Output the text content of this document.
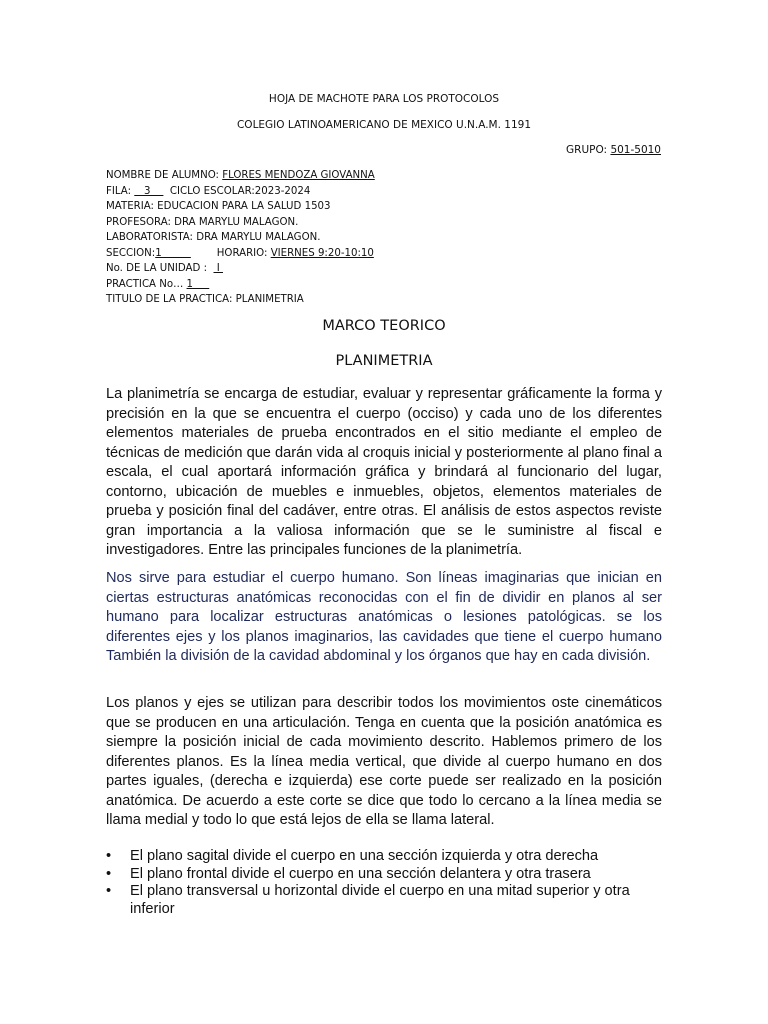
HOJA DE MACHOTE PARA LOS PROTOCOLOS
COLEGIO LATINOAMERICANO DE MEXICO U.N.A.M. 1191
GRUPO: 501-5010
NOMBRE DE ALUMNO: FLORES MENDOZA GIOVANNA
FILA:    3      CICLO ESCOLAR:2023-2024
MATERIA: EDUCACION PARA LA SALUD 1503
PROFESORA: DRA MARYLU MALAGON.
LABORATORISTA: DRA MARYLU MALAGON.
SECCION:1                 HORARIO: VIERNES 9:20-10:10
No. DE LA UNIDAD :   I
PRACTICA No… 1
TITULO DE LA PRACTICA: PLANIMETRIA
MARCO TEORICO
PLANIMETRIA
La planimetría se encarga de estudiar, evaluar y representar gráficamente la forma y precisión en la que se encuentra el cuerpo (occiso) y cada uno de los diferentes elementos materiales de prueba encontrados en el sitio mediante el empleo de técnicas de medición que darán vida al croquis inicial y posteriormente al plano final a escala, el cual aportará información gráfica y brindará al funcionario del lugar, contorno, ubicación de muebles e inmuebles, objetos, elementos materiales de prueba y posición final del cadáver, entre otras. El análisis de estos aspectos reviste gran importancia a la valiosa información que se le suministre al fiscal e investigadores. Entre las principales funciones de la planimetría.
Nos sirve para estudiar el cuerpo humano. Son líneas imaginarias que inician en ciertas estructuras anatómicas reconocidas con el fin de dividir en planos al ser humano para localizar estructuras anatómicas o lesiones patológicas. se los diferentes ejes y los planos imaginarios, las cavidades que tiene el cuerpo humano También la división de la cavidad abdominal y los órganos que hay en cada división.
Los planos y ejes se utilizan para describir todos los movimientos oste cinemáticos que se producen en una articulación. Tenga en cuenta que la posición anatómica es siempre la posición inicial de cada movimiento descrito. Hablemos primero de los diferentes planos. Es la línea media vertical, que divide al cuerpo humano en dos partes iguales, (derecha e izquierda) ese corte puede ser realizado en la posición anatómica. De acuerdo a este corte se dice que todo lo cercano a la línea media se llama medial y todo lo que está lejos de ella se llama lateral.
• El plano sagital divide el cuerpo en una sección izquierda y otra derecha
• El plano frontal divide el cuerpo en una sección delantera y otra trasera
• El plano transversal u horizontal divide el cuerpo en una mitad superior y otra inferior
